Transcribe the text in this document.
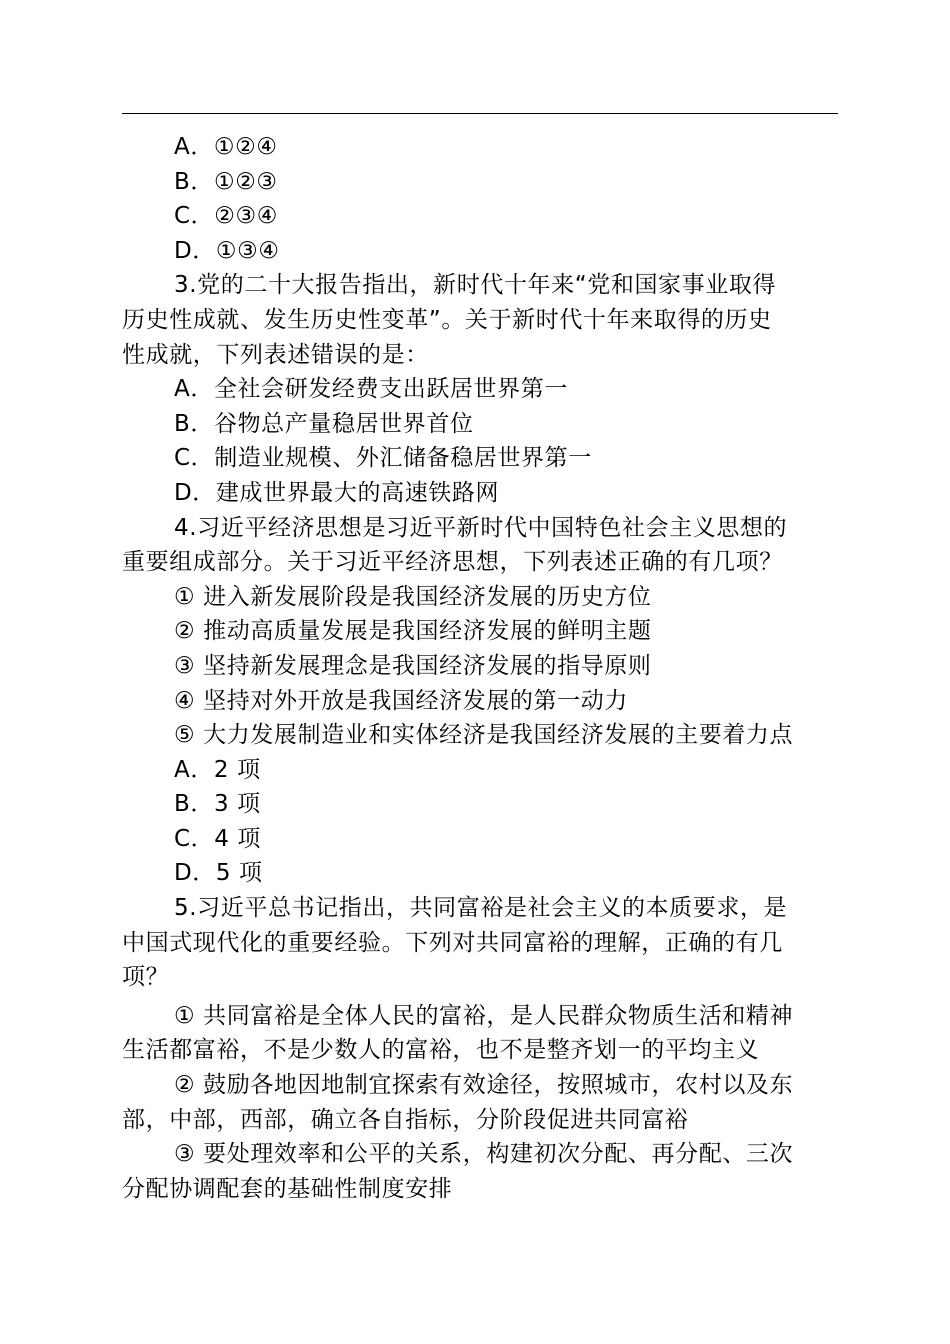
A．①②④
B．①②③
C．②③④
D．①③④
3.党的二十大报告指出，新时代十年来“党和国家事业取得
历史性成就、发生历史性变革”。关于新时代十年来取得的历史
性成就，下列表述错误的是：
A．全社会研发经费支出跃居世界第一
B．谷物总产量稳居世界首位
C．制造业规模、外汇储备稳居世界第一
D．建成世界最大的高速铁路网
4.习近平经济思想是习近平新时代中国特色社会主义思想的
重要组成部分。关于习近平经济思想，下列表述正确的有几项？
① 进入新发展阶段是我国经济发展的历史方位
② 推动高质量发展是我国经济发展的鲜明主题
③ 坚持新发展理念是我国经济发展的指导原则
④ 坚持对外开放是我国经济发展的第一动力
⑤ 大力发展制造业和实体经济是我国经济发展的主要着力点
A．2 项
B．3 项
C．4 项
D．5 项
5.习近平总书记指出，共同富裕是社会主义的本质要求，是
中国式现代化的重要经验。下列对共同富裕的理解，正确的有几
项？
① 共同富裕是全体人民的富裕，是人民群众物质生活和精神
生活都富裕，不是少数人的富裕，也不是整齐划一的平均主义
② 鼓励各地因地制宜探索有效途径，按照城市，农村以及东
部，中部，西部，确立各自指标，分阶段促进共同富裕
③ 要处理效率和公平的关系，构建初次分配、再分配、三次
分配协调配套的基础性制度安排
